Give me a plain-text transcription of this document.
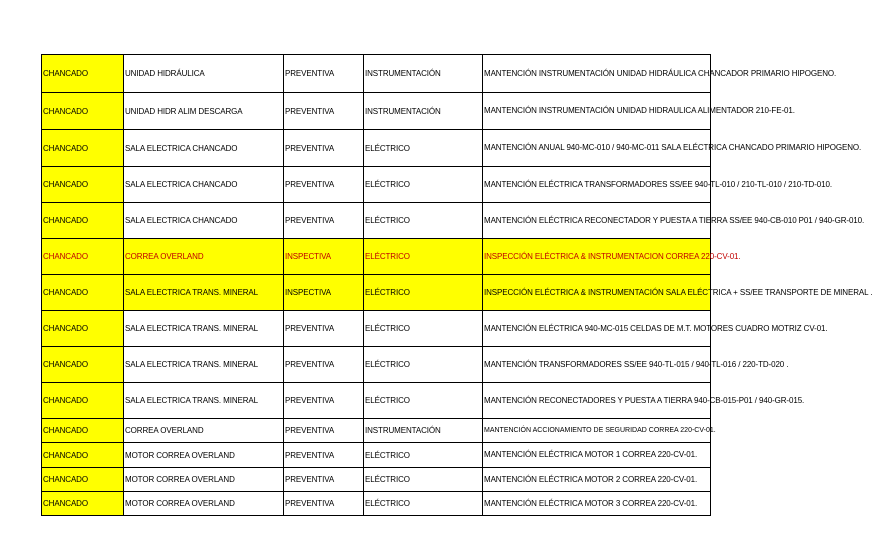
CHANCADO	UNIDAD HIDRÁULICA	PREVENTIVA	INSTRUMENTACIÓN	MANTENCIÓN INSTRUMENTACIÓN UNIDAD HIDRÁULICA CHANCADOR PRIMARIO HIPOGENO.
CHANCADO	UNIDAD HIDR ALIM DESCARGA	PREVENTIVA	INSTRUMENTACIÓN	MANTENCIÓN INSTRUMENTACIÓN UNIDAD HIDRAULICA ALIMENTADOR 210-FE-01.
CHANCADO	SALA ELECTRICA CHANCADO	PREVENTIVA	ELÉCTRICO	MANTENCIÓN ANUAL 940-MC-010 / 940-MC-011 SALA ELÉCTRICA CHANCADO PRIMARIO HIPOGENO.
CHANCADO	SALA ELECTRICA CHANCADO	PREVENTIVA	ELÉCTRICO	MANTENCIÓN ELÉCTRICA TRANSFORMADORES SS/EE 940-TL-010 / 210-TL-010 / 210-TD-010.
CHANCADO	SALA ELECTRICA CHANCADO	PREVENTIVA	ELÉCTRICO	MANTENCIÓN ELÉCTRICA RECONECTADOR Y PUESTA A TIERRA SS/EE 940-CB-010 P01 / 940-GR-010.
CHANCADO	CORREA OVERLAND	INSPECTIVA	ELÉCTRICO	INSPECCIÓN ELÉCTRICA & INSTRUMENTACION CORREA 220-CV-01.
CHANCADO	SALA ELECTRICA TRANS. MINERAL	INSPECTIVA	ELÉCTRICO	INSPECCIÓN ELÉCTRICA & INSTRUMENTACIÓN SALA ELÉCTRICA + SS/EE TRANSPORTE DE MINERAL .
CHANCADO	SALA ELECTRICA TRANS. MINERAL	PREVENTIVA	ELÉCTRICO	MANTENCIÓN ELÉCTRICA 940-MC-015 CELDAS DE M.T. MOTORES CUADRO MOTRIZ CV-01.
CHANCADO	SALA ELECTRICA TRANS. MINERAL	PREVENTIVA	ELÉCTRICO	MANTENCIÓN TRANSFORMADORES SS/EE 940-TL-015 / 940-TL-016 / 220-TD-020 .
CHANCADO	SALA ELECTRICA TRANS. MINERAL	PREVENTIVA	ELÉCTRICO	MANTENCIÓN RECONECTADORES Y PUESTA A TIERRA 940-CB-015-P01 / 940-GR-015.
CHANCADO	CORREA OVERLAND	PREVENTIVA	INSTRUMENTACIÓN	MANTENCIÓN ACCIONAMIENTO DE SEGURIDAD CORREA 220-CV-01.
CHANCADO	MOTOR CORREA OVERLAND	PREVENTIVA	ELÉCTRICO	MANTENCIÓN ELÉCTRICA MOTOR 1 CORREA 220-CV-01.
CHANCADO	MOTOR CORREA OVERLAND	PREVENTIVA	ELÉCTRICO	MANTENCIÓN ELÉCTRICA MOTOR 2 CORREA 220-CV-01.
CHANCADO	MOTOR CORREA OVERLAND	PREVENTIVA	ELÉCTRICO	MANTENCIÓN ELÉCTRICA MOTOR 3 CORREA 220-CV-01.
